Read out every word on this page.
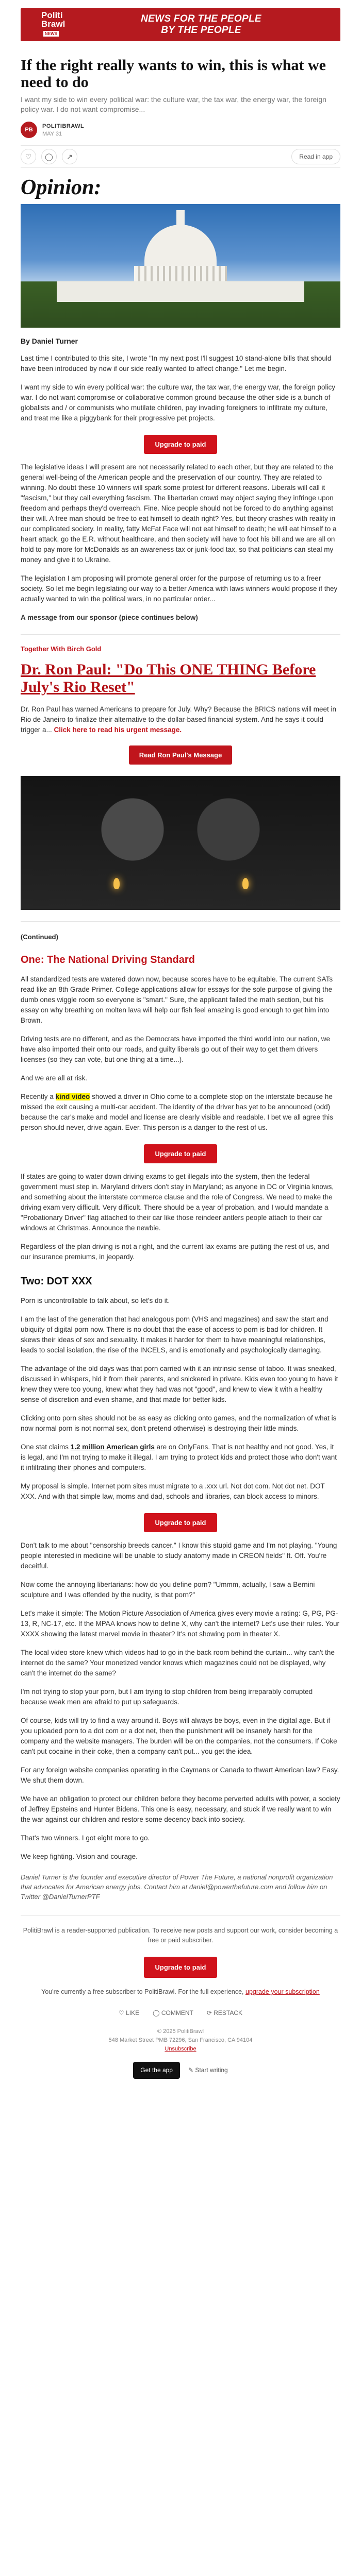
Politi
BrawlNEWS
NEWS FOR THE PEOPLE
BY THE PEOPLE
If the right really wants to win, this is what we need to do

I want my side to win every political war: the culture war, the tax war, the energy war, the foreign policy war. I do not want compromise...

PB
POLITIBRAWL
MAY 31
♡	◯	↗	Read in app
Opinion:
By Daniel Turner

Last time I contributed to this site, I wrote "In my next post I'll suggest 10 stand-alone bills that should have been introduced by now if our side really wanted to affect change." Let me begin.

I want my side to win every political war: the culture war, the tax war, the energy war, the foreign policy war. I do not want compromise or collaborative common ground because the other side is a bunch of globalists and / or communists who mutilate children, pay invading foreigners to infiltrate my culture, and treat me like a piggybank for their progressive pet projects.

Upgrade to paid

The legislative ideas I will present are not necessarily related to each other, but they are related to the general well-being of the American people and the preservation of our country. They are related to winning. No doubt these 10 winners will spark some protest for different reasons. Liberals will call it "fascism," but they call everything fascism. The libertarian crowd may object saying they infringe upon freedom and perhaps they'd overreach. Fine. Nice people should not be forced to do anything against their will. A free man should be free to eat himself to death right? Yes, but theory crashes with reality in our complicated society. In reality, fatty McFat Face will not eat himself to death; he will eat himself to a heart attack, go the E.R. without healthcare, and then society will have to foot his bill and we are all on hold to pay more for McDonalds as an awareness tax or junk-food tax, so that politicians can steal my money and give it to Ukraine.

The legislation I am proposing will promote general order for the purpose of returning us to a freer society. So let me begin legislating our way to a better America with laws winners would propose if they actually wanted to win the political wars, in no particular order...

A message from our sponsor (piece continues below)

Together With Birch Gold
Dr. Ron Paul: "Do This ONE THING Before July's Rio Reset"

Dr. Ron Paul has warned Americans to prepare for July. Why? Because the BRICS nations will meet in Rio de Janeiro to finalize their alternative to the dollar-based financial system. And he says it could trigger a... Click here to read his urgent message.

Read Ron Paul's Message
(Continued)
One: The National Driving Standard

All standardized tests are watered down now, because scores have to be equitable. The current SATs read like an 8th Grade Primer. College applications allow for essays for the sole purpose of giving the dumb ones wiggle room so everyone is "smart." Sure, the applicant failed the math section, but his essay on why breathing on molten lava will help our fish feel amazing is good enough to get him into Brown.

Driving tests are no different, and as the Democrats have imported the third world into our nation, we have also imported their onto our roads, and guilty liberals go out of their way to get them drivers licenses (so they can vote, but one thing at a time...).

And we are all at risk.

Recently a kind video showed a driver in Ohio come to a complete stop on the interstate because he missed the exit causing a multi-car accident. The identity of the driver has yet to be announced (odd) because the car's make and model and license are clearly visible and readable. I bet we all agree this person should never, drive again. Ever. This person is a danger to the rest of us.

Upgrade to paid

If states are going to water down driving exams to get illegals into the system, then the federal government must step in. Maryland drivers don't stay in Maryland; as anyone in DC or Virginia knows, and something about the interstate commerce clause and the role of Congress. We need to make the driving exam very difficult. Very difficult. There should be a year of probation, and I would mandate a "Probationary Driver" flag attached to their car like those reindeer antlers people attach to their car windows at Christmas. Announce the newbie.

Regardless of the plan driving is not a right, and the current lax exams are putting the rest of us, and our insurance premiums, in jeopardy.

Two: DOT XXX

Porn is uncontrollable to talk about, so let's do it.

I am the last of the generation that had analogous porn (VHS and magazines) and saw the start and ubiquity of digital porn now. There is no doubt that the ease of access to porn is bad for children. It skews their ideas of sex and sexuality. It makes it harder for them to have meaningful relationships, leads to social isolation, the rise of the INCELS, and is emotionally and psychologically damaging.

The advantage of the old days was that porn carried with it an intrinsic sense of taboo. It was sneaked, discussed in whispers, hid it from their parents, and snickered in private. Kids even too young to have it knew they were too young, knew what they had was not "good", and knew to view it with a healthy sense of discretion and even shame, and that made for better kids.

Clicking onto porn sites should not be as easy as clicking onto games, and the normalization of what is now normal porn is not normal sex, don't pretend otherwise) is destroying their little minds.

One stat claims 1.2 million American girls are on OnlyFans. That is not healthy and not good. Yes, it is legal, and I'm not trying to make it illegal. I am trying to protect kids and protect those who don't want it infiltrating their phones and computers.

My proposal is simple. Internet porn sites must migrate to a .xxx url. Not dot com. Not dot net. DOT XXX. And with that simple law, moms and dad, schools and libraries, can block access to minors.

Upgrade to paid

Don't talk to me about "censorship breeds cancer." I know this stupid game and I'm not playing. "Young people interested in medicine will be unable to study anatomy made in CREON fields" ft. Off. You're deceitful.

Now come the annoying libertarians: how do you define porn? "Ummm, actually, I saw a Bernini sculpture and I was offended by the nudity, is that porn?"

Let's make it simple: The Motion Picture Association of America gives every movie a rating: G, PG, PG-13, R, NC-17, etc. If the MPAA knows how to define X, why can't the internet? Let's use their rules. Your XXXX showing the latest marvel movie in theater? It's not showing porn in theater X.

The local video store knew which videos had to go in the back room behind the curtain... why can't the internet do the same? Your monetized vendor knows which magazines could not be displayed, why can't the internet do the same?

I'm not trying to stop your porn, but I am trying to stop children from being irreparably corrupted because weak men are afraid to put up safeguards.

Of course, kids will try to find a way around it. Boys will always be boys, even in the digital age. But if you uploaded porn to a dot com or a dot net, then the punishment will be insanely harsh for the company and the website managers. The burden will be on the companies, not the consumers. If Coke can't put cocaine in their coke, then a company can't put... you get the idea.

For any foreign website companies operating in the Caymans or Canada to thwart American law? Easy. We shut them down.

We have an obligation to protect our children before they become perverted adults with power, a society of Jeffrey Epsteins and Hunter Bidens. This one is easy, necessary, and stuck if we really want to win the war against our children and restore some decency back into society.

That's two winners. I got eight more to go.

We keep fighting. Vision and courage.

Daniel Turner is the founder and executive director of Power The Future, a national nonprofit organization that advocates for American energy jobs. Contact him at daniel@powerthefuture.com and follow him on Twitter @DanielTurnerPTF

PolitiBrawl is a reader-supported publication. To receive new posts and support our work, consider becoming a free or paid subscriber.

Upgrade to paid

You're currently a free subscriber to PolitiBrawl. For the full experience, upgrade your subscription

♡ LIKE ◯ COMMENT ⟳ RESTACK
© 2025 PolitiBrawl
548 Market Street PMB 72296, San Francisco, CA 94104
Unsubscribe
Get the app	✎ Start writing
